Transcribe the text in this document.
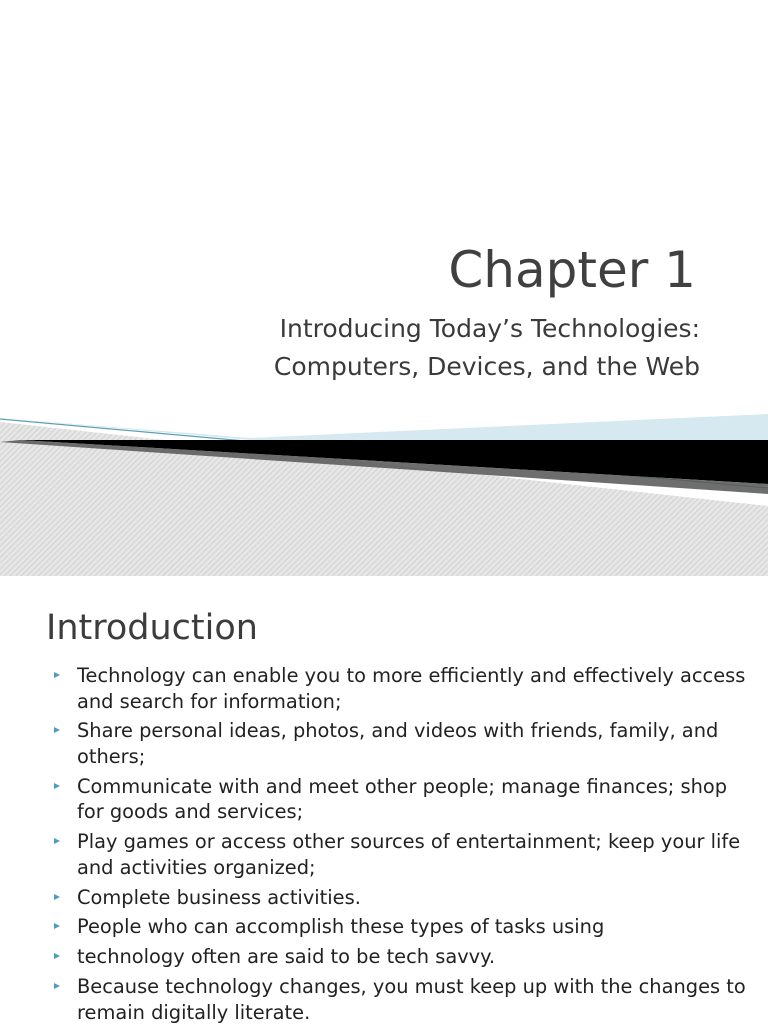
Chapter 1
Introducing Today’s Technologies:
Computers, Devices, and the Web
Introduction
Technology can enable you to more efficiently and effectively access and search for information;
Share personal ideas, photos, and videos with friends, family, and others;
Communicate with and meet other people; manage finances; shop for goods and services;
Play games or access other sources of entertainment; keep your life and activities organized;
Complete business activities.
People who can accomplish these types of tasks using
technology often are said to be tech savvy.
Because technology changes, you must keep up with the changes to remain digitally literate.
